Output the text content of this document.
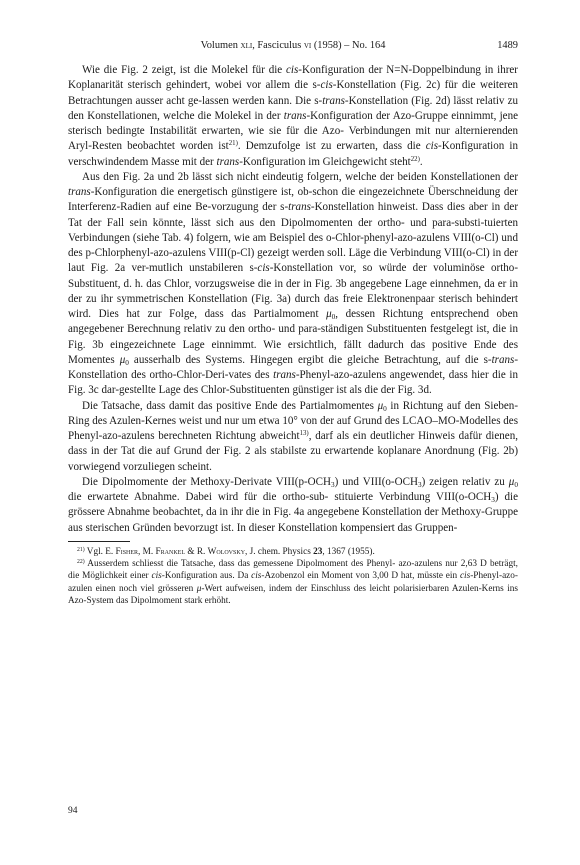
Volumen xli, Fasciculus vi (1958) – No. 164	1489

Wie die Fig. 2 zeigt, ist die Molekel für die cis-Konfiguration der N=N-Doppelbindung in ihrer Koplanarität sterisch gehindert, wobei vor allem die s-cis-Konstellation (Fig. 2c) für die weiteren Betrachtungen ausser acht ge-lassen werden kann. Die s-trans-Konstellation (Fig. 2d) lässt relativ zu den Konstellationen, welche die Molekel in der trans-Konfiguration der Azo-Gruppe einnimmt, jene sterisch bedingte Instabilität erwarten, wie sie für die Azo- Verbindungen mit nur alternierenden Aryl-Resten beobachtet worden ist$^{21)}$. Demzufolge ist zu erwarten, dass die cis-Konfiguration in verschwindendem Masse mit der trans-Konfiguration im Gleichgewicht steht$^{22)}$.

Aus den Fig. 2a und 2b lässt sich nicht eindeutig folgern, welche der beiden Konstellationen der trans-Konfiguration die energetisch günstigere ist, ob-schon die eingezeichnete Überschneidung der Interferenz-Radien auf eine Be-vorzugung der s-trans-Konstellation hinweist. Dass dies aber in der Tat der Fall sein könnte, lässt sich aus den Dipolmomenten der ortho- und para-substi-tuierten Verbindungen (siehe Tab. 4) folgern, wie am Beispiel des o-Chlor-phenyl-azo-azulens VIII(o-Cl) und des p-Chlorphenyl-azo-azulens VIII(p-Cl) gezeigt werden soll. Läge die Verbindung VIII(o-Cl) in der laut Fig. 2a ver-mutlich unstabileren s-cis-Konstellation vor, so würde der voluminöse ortho- Substituent, d. h. das Chlor, vorzugsweise die in der in Fig. 3b angegebene Lage einnehmen, da er in der zu ihr symmetrischen Konstellation (Fig. 3a) durch das freie Elektronenpaar sterisch behindert wird. Dies hat zur Folge, dass das Partialmoment $\mu_0$, dessen Richtung entsprechend oben angegebener Berechnung relativ zu den ortho- und para-ständigen Substituenten festgelegt ist, die in Fig. 3b eingezeichnete Lage einnimmt. Wie ersichtlich, fällt dadurch das positive Ende des Momentes $\mu_0$ ausserhalb des Systems. Hingegen ergibt die gleiche Betrachtung, auf die s-trans-Konstellation des ortho-Chlor-Deri-vates des trans-Phenyl-azo-azulens angewendet, dass hier die in Fig. 3c dar-gestellte Lage des Chlor-Substituenten günstiger ist als die der Fig. 3d.

Die Tatsache, dass damit das positive Ende des Partialmomentes $\mu_0$ in Richtung auf den Sieben-Ring des Azulen-Kernes weist und nur um etwa 10° von der auf Grund des LCAO–MO-Modelles des Phenyl-azo-azulens berechneten Richtung abweicht$^{13)}$, darf als ein deutlicher Hinweis dafür dienen, dass in der Tat die auf Grund der Fig. 2 als stabilste zu erwartende koplanare Anordnung (Fig. 2b) vorwiegend vorzuliegen scheint.

Die Dipolmomente der Methoxy-Derivate $VIII(p-OCH_3)$ und $VIII(o-OCH_3)$ zeigen relativ zu $\mu_0$ die erwartete Abnahme. Dabei wird für die ortho-sub- stituierte Verbindung $VIII(o-OCH_3)$ die grössere Abnahme beobachtet, da in ihr die in Fig. 4a angegebene Konstellation der Methoxy-Gruppe aus sterischen Gründen bevorzugt ist. In dieser Konstellation kompensiert das Gruppen-

$^{21)}$ Vgl. E. Fisher, M. Frankel & R. Wolovsky, J. chem. Physics 23, 1367 (1955).

$^{22)}$ Ausserdem schliesst die Tatsache, dass das gemessene Dipolmoment des Phenyl- azo-azulens nur 2,63 D beträgt, die Möglichkeit einer cis-Konfiguration aus. Da cis-Azobenzol ein Moment von 3,00 D hat, müsste ein cis-Phenyl-azo-azulen einen noch viel grösseren μ-Wert aufweisen, indem der Einschluss des leicht polarisierbaren Azulen-Kerns ins Azo-System das Dipolmoment stark erhöht.

94
